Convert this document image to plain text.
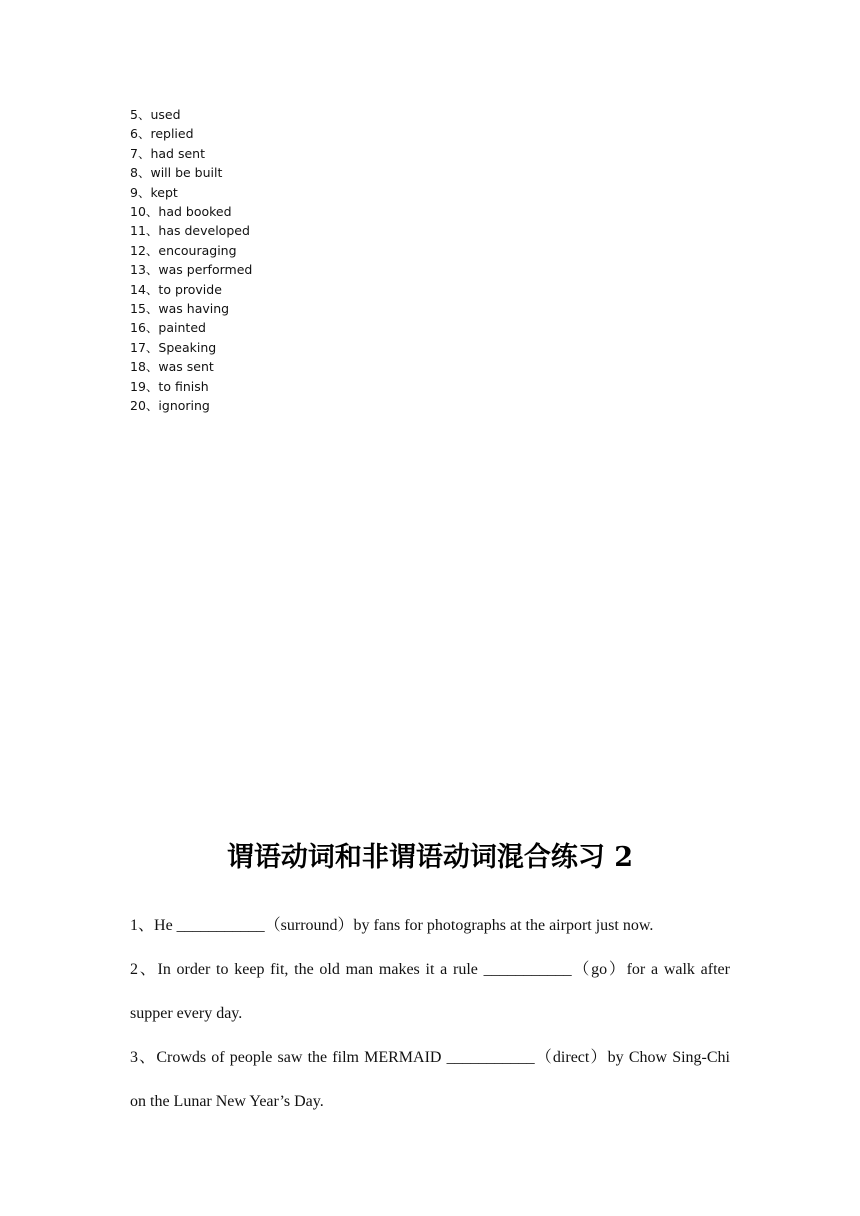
5、used
6、replied
7、had sent
8、will be built
9、kept
10、had booked
11、has developed
12、encouraging
13、was performed
14、to provide
15、was having
16、painted
17、Speaking
18、was sent
19、to finish
20、ignoring
谓语动词和非谓语动词混合练习 2

1、He ___________（surround）by fans for photographs at the airport just now.

2、In order to keep fit, the old man makes it a rule ___________（go）for a walk after supper every day.

3、Crowds of people saw the film MERMAID ___________（direct）by Chow Sing-Chi on the Lunar New Year’s Day.
